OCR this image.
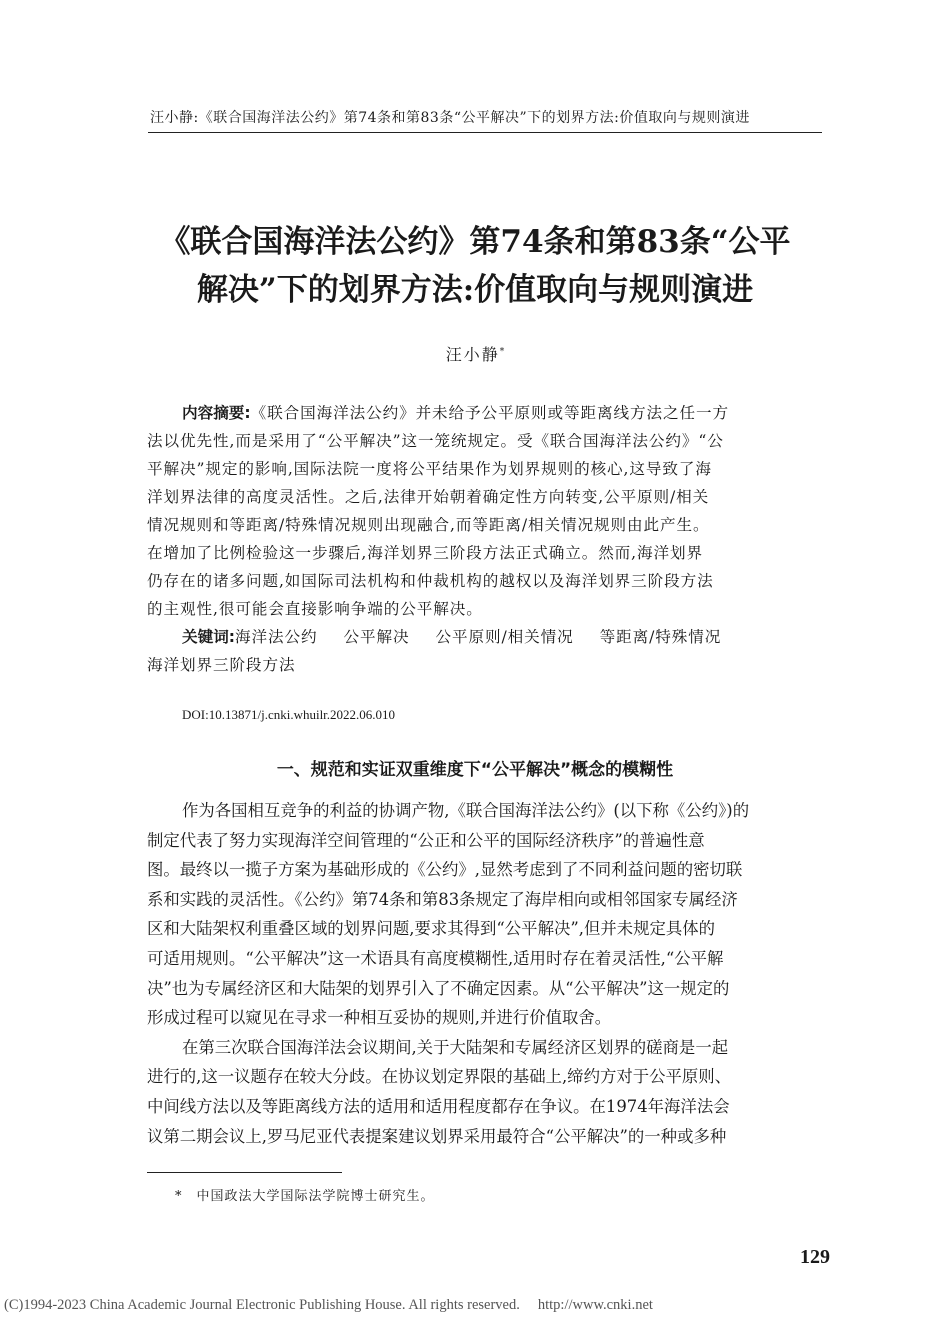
汪小静:《联合国海洋法公约》第74条和第83条“公平解决”下的划界方法:价值取向与规则演进
《联合国海洋法公约》第74条和第83条“公平
解决”下的划界方法:价值取向与规则演进
汪小静*
内容摘要:《联合国海洋法公约》并未给予公平原则或等距离线方法之任一方
法以优先性,而是采用了“公平解决”这一笼统规定。受《联合国海洋法公约》“公
平解决”规定的影响,国际法院一度将公平结果作为划界规则的核心,这导致了海
洋划界法律的高度灵活性。之后,法律开始朝着确定性方向转变,公平原则/相关
情况规则和等距离/特殊情况规则出现融合,而等距离/相关情况规则由此产生。
在增加了比例检验这一步骤后,海洋划界三阶段方法正式确立。然而,海洋划界
仍存在的诸多问题,如国际司法机构和仲裁机构的越权以及海洋划界三阶段方法
的主观性,很可能会直接影响争端的公平解决。
关键词:海洋法公约 公平解决 公平原则/相关情况 等距离/特殊情况
海洋划界三阶段方法
DOI:10.13871/j.cnki.whuilr.2022.06.010
一、规范和实证双重维度下“公平解决”概念的模糊性
作为各国相互竞争的利益的协调产物,《联合国海洋法公约》(以下称《公约》)的
制定代表了努力实现海洋空间管理的“公正和公平的国际经济秩序”的普遍性意
图。最终以一揽子方案为基础形成的《公约》,显然考虑到了不同利益问题的密切联
系和实践的灵活性。《公约》第74条和第83条规定了海岸相向或相邻国家专属经济
区和大陆架权利重叠区域的划界问题,要求其得到“公平解决”,但并未规定具体的
可适用规则。“公平解决”这一术语具有高度模糊性,适用时存在着灵活性,“公平解
决”也为专属经济区和大陆架的划界引入了不确定因素。从“公平解决”这一规定的
形成过程可以窥见在寻求一种相互妥协的规则,并进行价值取舍。
在第三次联合国海洋法会议期间,关于大陆架和专属经济区划界的磋商是一起
进行的,这一议题存在较大分歧。在协议划定界限的基础上,缔约方对于公平原则、
中间线方法以及等距离线方法的适用和适用程度都存在争议。在1974年海洋法会
议第二期会议上,罗马尼亚代表提案建议划界采用最符合“公平解决”的一种或多种
* 中国政法大学国际法学院博士研究生。
129
(C)1994-2023 China Academic Journal Electronic Publishing House. All rights reserved. http://www.cnki.net
